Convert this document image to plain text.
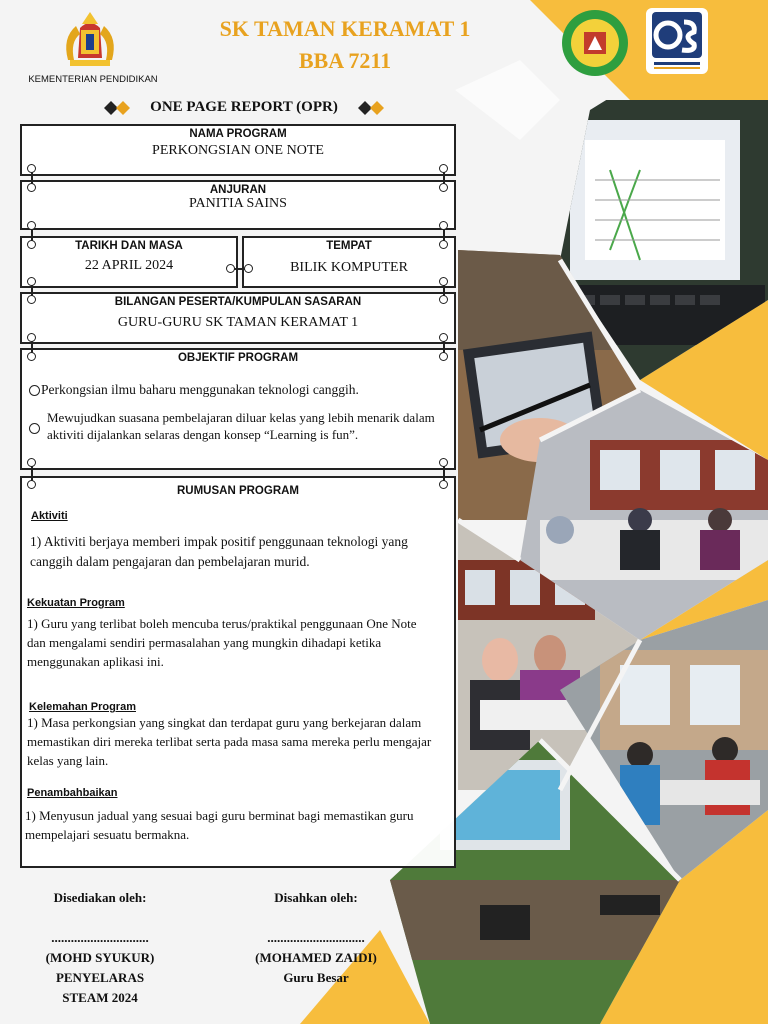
KEMENTERIAN PENDIDIKAN
SK TAMAN KERAMAT 1
BBA 7211
ONE PAGE REPORT (OPR)
NAMA PROGRAM
PERKONGSIAN ONE NOTE
ANJURAN
PANITIA SAINS
TARIKH DAN MASA
22 APRIL 2024
TEMPAT
BILIK KOMPUTER
BILANGAN PESERTA/KUMPULAN SASARAN
GURU-GURU SK TAMAN KERAMAT 1
OBJEKTIF PROGRAM
Perkongsian ilmu baharu menggunakan teknologi canggih.
Mewujudkan suasana pembelajaran diluar kelas yang lebih menarik dalam aktiviti dijalankan selaras dengan konsep “Learning is fun”.
RUMUSAN PROGRAM
Aktiviti
1) Aktiviti berjaya memberi impak positif penggunaan teknologi yang canggih dalam pengajaran dan pembelajaran murid.
Kekuatan Program
1) Guru yang terlibat boleh mencuba terus/praktikal penggunaan One Note dan mengalami sendiri permasalahan yang mungkin dihadapi ketika menggunakan aplikasi ini.
Kelemahan Program
1) Masa perkongsian yang singkat dan terdapat guru yang berkejaran dalam memastikan diri mereka terlibat serta pada masa sama mereka perlu mengajar kelas yang lain.
Penambahbaikan
1) Menyusun jadual yang sesuai bagi guru berminat bagi memastikan guru mempelajari sesuatu bermakna.
Disediakan oleh:
..............................
(MOHD SYUKUR)
PENYELARAS
STEAM 2024
Disahkan oleh:
..............................
(MOHAMED ZAIDI)
Guru Besar
